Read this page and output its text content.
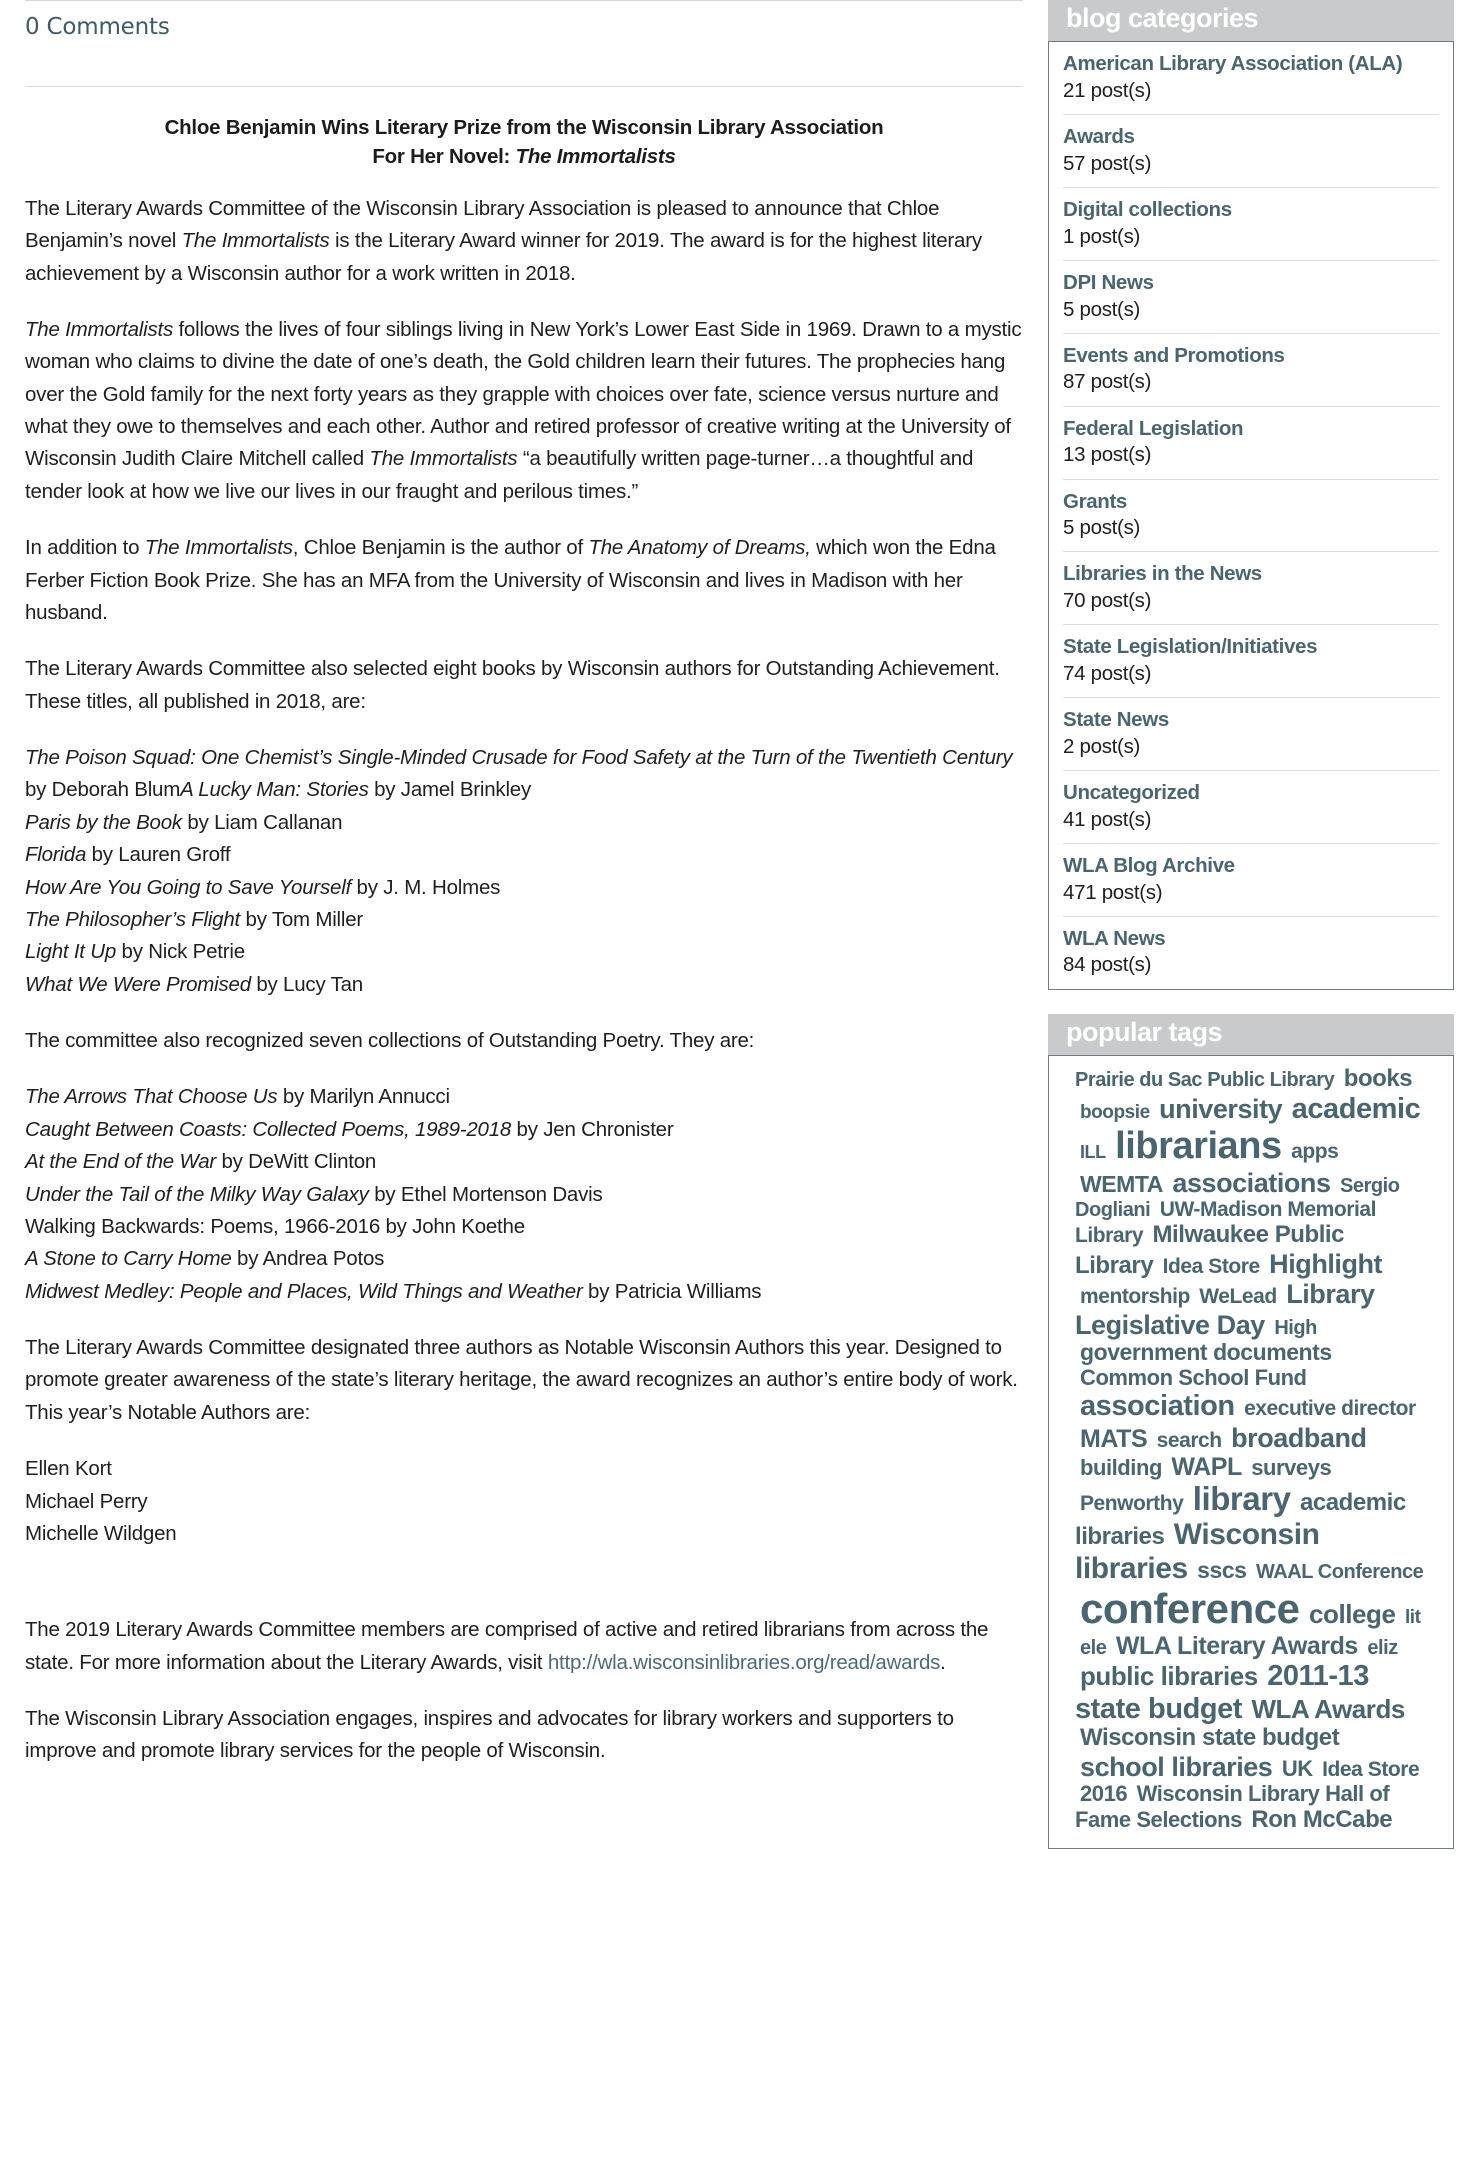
0 Comments
Chloe Benjamin Wins Literary Prize from the Wisconsin Library Association
For Her Novel: The Immortalists

The Literary Awards Committee of the Wisconsin Library Association is pleased to announce that Chloe Benjamin’s novel The Immortalists is the Literary Award winner for 2019. The award is for the highest literary achievement by a Wisconsin author for a work written in 2018.

The Immortalists follows the lives of four siblings living in New York’s Lower East Side in 1969. Drawn to a mystic woman who claims to divine the date of one’s death, the Gold children learn their futures. The prophecies hang over the Gold family for the next forty years as they grapple with choices over fate, science versus nurture and what they owe to themselves and each other. Author and retired professor of creative writing at the University of Wisconsin Judith Claire Mitchell called The Immortalists “a beautifully written page-turner…a thoughtful and tender look at how we live our lives in our fraught and perilous times.”

In addition to The Immortalists, Chloe Benjamin is the author of The Anatomy of Dreams, which won the Edna Ferber Fiction Book Prize. She has an MFA from the University of Wisconsin and lives in Madison with her husband.

The Literary Awards Committee also selected eight books by Wisconsin authors for Outstanding Achievement. These titles, all published in 2018, are:

The Poison Squad: One Chemist’s Single-Minded Crusade for Food Safety at the Turn of the Twentieth Century by Deborah BlumA Lucky Man: Stories by Jamel Brinkley
Paris by the Book by Liam Callanan
Florida by Lauren Groff
How Are You Going to Save Yourself by J. M. Holmes
The Philosopher’s Flight by Tom Miller
Light It Up by Nick Petrie
What We Were Promised by Lucy Tan

The committee also recognized seven collections of Outstanding Poetry. They are:

The Arrows That Choose Us by Marilyn Annucci
Caught Between Coasts: Collected Poems, 1989-2018 by Jen Chronister
At the End of the War by DeWitt Clinton
Under the Tail of the Milky Way Galaxy by Ethel Mortenson Davis
Walking Backwards: Poems, 1966-2016 by John Koethe
A Stone to Carry Home by Andrea Potos
Midwest Medley: People and Places, Wild Things and Weather by Patricia Williams

The Literary Awards Committee designated three authors as Notable Wisconsin Authors this year. Designed to promote greater awareness of the state’s literary heritage, the award recognizes an author’s entire body of work. This year’s Notable Authors are:

Ellen Kort
Michael Perry
Michelle Wildgen

The 2019 Literary Awards Committee members are comprised of active and retired librarians from across the state. For more information about the Literary Awards, visit http://wla.wisconsinlibraries.org/read/awards.

The Wisconsin Library Association engages, inspires and advocates for library workers and supporters to improve and promote library services for the people of Wisconsin.

blog categories
American Library Association (ALA)
21 post(s)
Awards
57 post(s)
Digital collections
1 post(s)
DPI News
5 post(s)
Events and Promotions
87 post(s)
Federal Legislation
13 post(s)
Grants
5 post(s)
Libraries in the News
70 post(s)
State Legislation/Initiatives
74 post(s)
State News
2 post(s)
Uncategorized
41 post(s)
WLA Blog Archive
471 post(s)
WLA News
84 post(s)
popular tags
Prairie du Sac Public Library books boopsie university academic ILL librarians apps WEMTA associations Sergio Dogliani UW-Madison Memorial Library Milwaukee Public Library Idea Store Highlight mentorship WeLead Library Legislative Day High government documents Common School Fund association executive director MATS search broadband building WAPL surveys Penworthy library academic libraries Wisconsin libraries sscs WAAL Conference conference college lit ele WLA Literary Awards eliz public libraries 2011-13 state budget WLA Awards Wisconsin state budget school libraries UK Idea Store 2016 Wisconsin Library Hall of Fame Selections Ron McCabe
